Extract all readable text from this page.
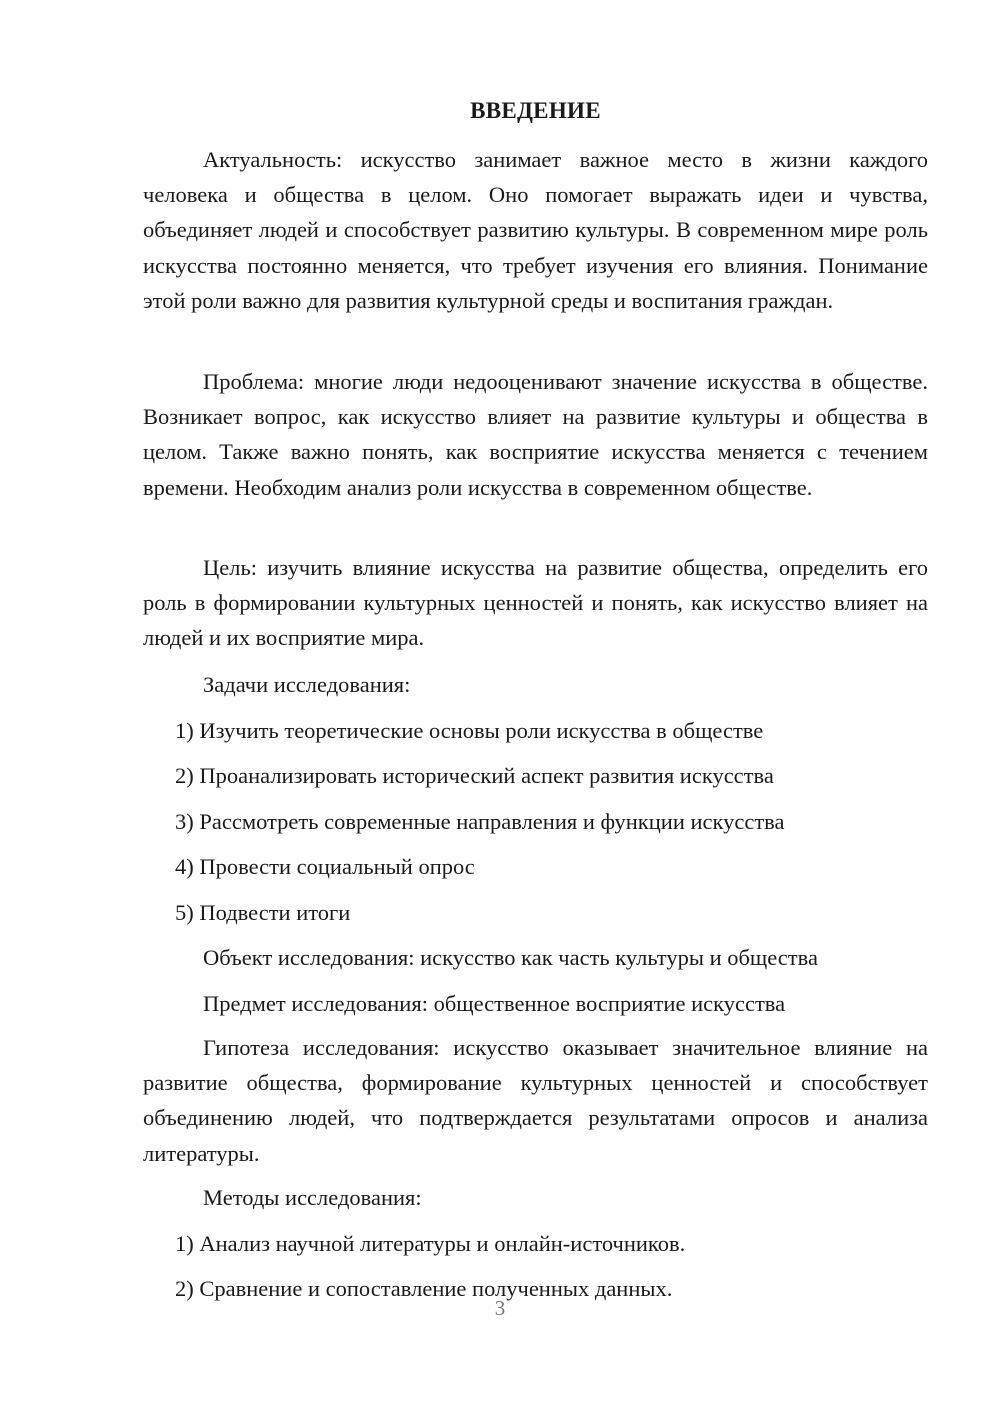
ВВЕДЕНИЕ

Актуальность: искусство занимает важное место в жизни каждого человека и общества в целом. Оно помогает выражать идеи и чувства, объединяет людей и способствует развитию культуры. В современном мире роль искусства постоянно меняется, что требует изучения его влияния. Понимание этой роли важно для развития культурной среды и воспитания граждан.

Проблема: многие люди недооценивают значение искусства в обществе. Возникает вопрос, как искусство влияет на развитие культуры и общества в целом. Также важно понять, как восприятие искусства меняется с течением времени. Необходим анализ роли искусства в современном обществе.

Цель: изучить влияние искусства на развитие общества, определить его роль в формировании культурных ценностей и понять, как искусство влияет на людей и их восприятие мира.

Задачи исследования:

1) Изучить теоретические основы роли искусства в обществе

2) Проанализировать исторический аспект развития искусства

3) Рассмотреть современные направления и функции искусства

4) Провести социальный опрос

5) Подвести итоги

Объект исследования: искусство как часть культуры и общества

Предмет исследования: общественное восприятие искусства

Гипотеза исследования: искусство оказывает значительное влияние на развитие общества, формирование культурных ценностей и способствует объединению людей, что подтверждается результатами опросов и анализа литературы.

Методы исследования:

1) Анализ научной литературы и онлайн-источников.

2) Сравнение и сопоставление полученных данных.

3
